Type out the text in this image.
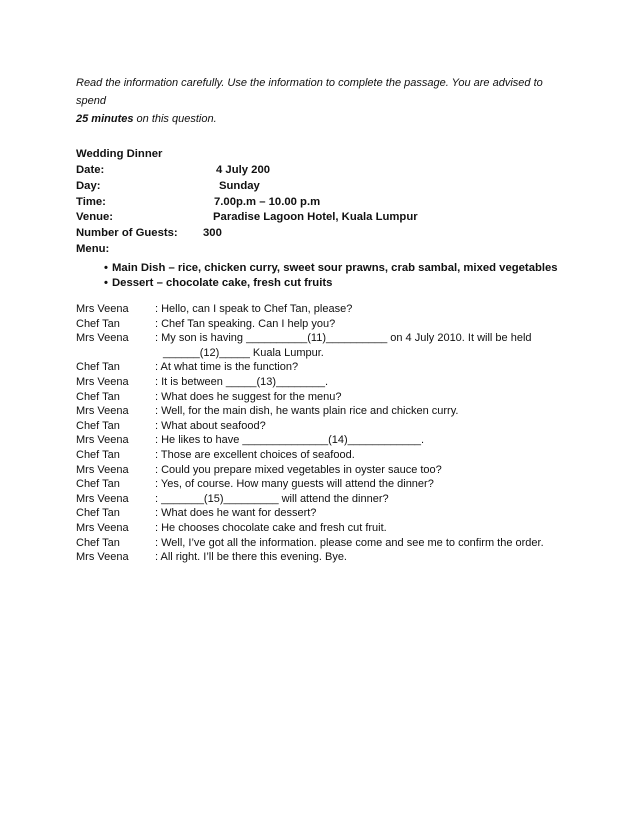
Read the information carefully. Use the information to complete the passage. You are advised to spend
25 minutes on this question.
Wedding Dinner
Date:	4 July 200
Day:	Sunday
Time:	7.00p.m – 10.00 p.m
Venue:	Paradise Lagoon Hotel, Kuala Lumpur
Number of Guests: 300
Menu:
• Main Dish – rice, chicken curry, sweet sour prawns, crab sambal, mixed vegetables
• Dessert – chocolate cake, fresh cut fruits
Mrs Veena : Hello, can I speak to Chef Tan, please?
Chef Tan	: Chef Tan speaking. Can I help you?
Mrs Veena : My son is having __________(11)__________ on 4 July 2010. It will be held
______(12)_____ Kuala Lumpur.
Chef Tan	: At what time is the function?
Mrs Veena : It is between _____(13)________.
Chef Tan	: What does he suggest for the menu?
Mrs Veena : Well, for the main dish, he wants plain rice and chicken curry.
Chef Tan	: What about seafood?
Mrs Veena : He likes to have ______________(14)____________.
Chef Tan	: Those are excellent choices of seafood.
Mrs Veena : Could you prepare mixed vegetables in oyster sauce too?
Chef Tan	: Yes, of course. How many guests will attend the dinner?
Mrs Veena : _______(15)_________ will attend the dinner?
Chef Tan	: What does he want for dessert?
Mrs Veena : He chooses chocolate cake and fresh cut fruit.
Chef Tan	: Well, I’ve got all the information. please come and see me to confirm the order.
Mrs Veena : All right. I’ll be there this evening. Bye.
